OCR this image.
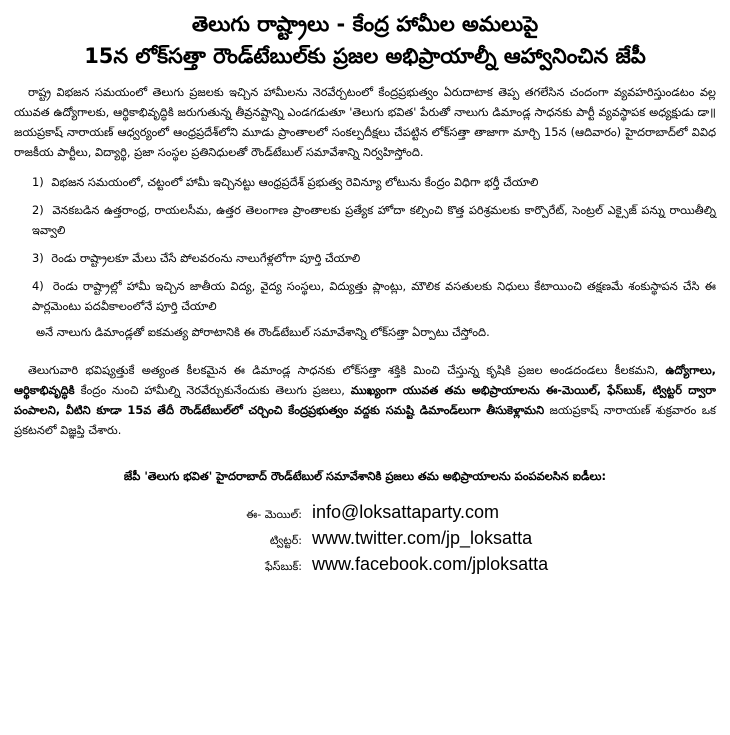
తెలుగు రాష్ట్రాలు - కేంద్ర హామీల అమలుపై
15న లోక్‌సత్తా రౌండ్‌టేబుల్‌కు ప్రజల అభిప్రాయాల్నీ ఆహ్వానించిన జేపీ

రాష్ట్ర విభజన సమయంలో తెలుగు ప్రజలకు ఇచ్చిన హామీలను నెరవేర్చటంలో కేంద్రప్రభుత్వం ఏరుదాటాక తెప్ప తగలేసిన చందంగా వ్యవహరిస్తుండటం వల్ల యువత ఉద్యోగాలకు, ఆర్థికాభివృద్ధికి జరుగుతున్న తీవ్రనష్టాన్ని ఎండగడుతూ 'తెలుగు భవిత' పేరుతో నాలుగు డిమాండ్ల సాధనకు పార్టీ వ్యవస్థాపక అధ్యక్షుడు డా॥ జయప్రకాష్ నారాయణ్ ఆధ్వర్యంలో ఆంధ్రప్రదేశ్‌లోని మూడు ప్రాంతాలలో సంకల్పదీక్షలు చేపట్టిన లోక్‌సత్తా తాజాగా మార్చి 15న (ఆదివారం) హైదరాబాద్‌లో వివిధ రాజకీయ పార్టీలు, విద్యార్థి, ప్రజా సంస్థల ప్రతినిధులతో రౌండ్‌టేబుల్ సమావేశాన్ని నిర్వహిస్తోంది.

1) విభజన సమయంలో, చట్టంలో హామీ ఇచ్చినట్టు ఆంధ్రప్రదేశ్ ప్రభుత్వ రెవిన్యూ లోటును కేంద్రం విధిగా భర్తీ చేయాలి
2) వెనకబడిన ఉత్తరాంధ్ర, రాయలసీమ, ఉత్తర తెలంగాణ ప్రాంతాలకు ప్రత్యేక హోదా కల్పించి కొత్త పరిశ్రమలకు కార్పొరేట్, సెంట్రల్ ఎక్సైజ్ పన్ను రాయితీల్ని ఇవ్వాలి
3) రెండు రాష్ట్రాలకూ మేలు చేసే పోలవరంను నాలుగేళ్లలోగా పూర్తి చేయాలి
4) రెండు రాష్ట్రాల్లో హామీ ఇచ్చిన జాతీయ విద్య, వైద్య సంస్థలు, విద్యుత్తు ప్లాంట్లు, మౌలిక వసతులకు నిధులు కేటాయించి తక్షణమే శంకుస్థాపన చేసి ఈ పార్లమెంటు పదవీకాలంలోనే పూర్తి చేయాలి

అనే నాలుగు డిమాండ్లతో ఐకమత్య పోరాటానికి ఈ రౌండ్‌టేబుల్ సమావేశాన్ని లోక్‌సత్తా ఏర్పాటు చేస్తోంది.

తెలుగువారి భవిష్యత్తుకే అత్యంత కీలకమైన ఈ డిమాండ్ల సాధనకు లోక్‌సత్తా శక్తికి మించి చేస్తున్న కృషికి ప్రజల అండదండలు కీలకమని, ఉద్యోగాలు, ఆర్థికాభివృద్ధికి కేంద్రం నుంచి హామీల్ని నెరవేర్చుకునేందుకు తెలుగు ప్రజలు, ముఖ్యంగా యువత తమ అభిప్రాయాలను ఈ-మెయిల్, ఫేస్‌బుక్, ట్విట్టర్ ద్వారా పంపాలని, వీటిని కూడా 15వ తేదీ రౌండ్‌టేబుల్‌లో చర్చించి కేంద్రప్రభుత్వం వద్దకు సమష్టి డిమాండ్‌లుగా తీసుకెళ్లామని జయప్రకాష్ నారాయణ్ శుక్రవారం ఒక ప్రకటనలో విజ్ఞప్తి చేశారు.

జేపీ 'తెలుగు భవిత' హైదరాబాద్ రౌండ్‌టేబుల్ సమావేశానికి ప్రజలు తమ అభిప్రాయాలను పంపవలసిన ఐడీలు:
ఈ- మెయిల్: info@loksattaparty.com
ట్విట్టర్: www.twitter.com/jp_loksatta
ఫేస్‌బుక్: www.facebook.com/jploksatta
